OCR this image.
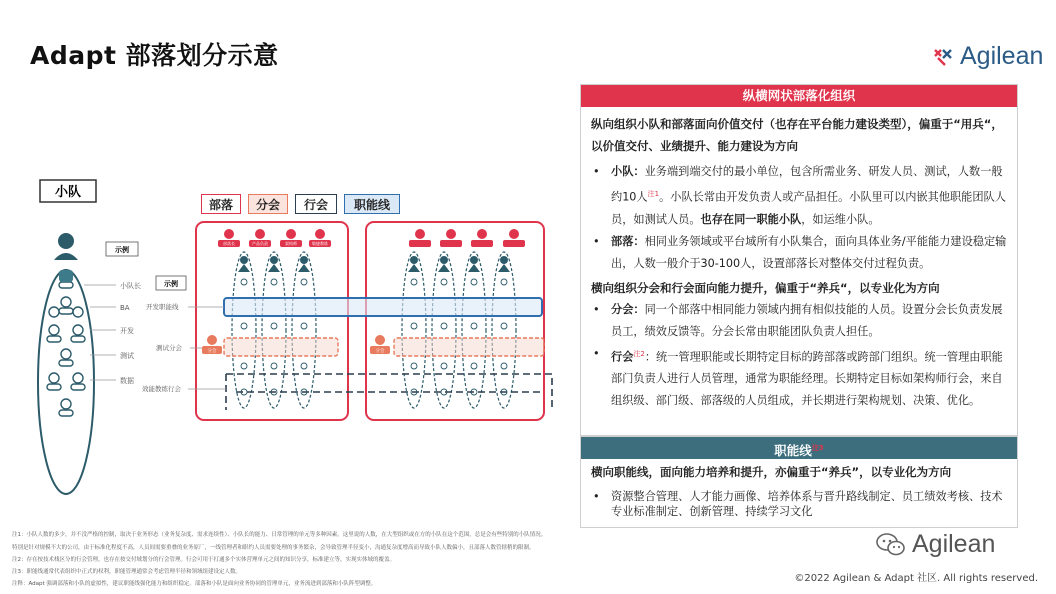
Adapt 部落划分示意	Agilean
小队
示例
示例
小队长
BA
开发
测试
数据
开发职能线
测试分会
效能教练行会
部落长	产品负责	架构师	敏捷教练
分会	分会
部落	分会	行会	职能线
纵横网状部落化组织
纵向组织小队和部落面向价值交付（也存在平台能力建设类型），偏重于“用兵“，以价值交付、业绩提升、能力建设为方向
• 小队：业务端到端交付的最小单位，包含所需业务、研发人员、测试，人数一般约10人$^{注1}$。小队长常由开发负责人或产品担任。小队里可以内嵌其他职能团队人员，如测试人员。也存在同一职能小队，如运维小队。
• 部落：相同业务领域或平台域所有小队集合，面向具体业务/平能能力建设稳定输出，人数一般介于30-100人，设置部落长对整体交付过程负责。
横向组织分会和行会面向能力提升，偏重于“养兵“，以专业化为方向
• 分会：同一个部落中相同能力领域内拥有相似技能的人员。设置分会长负责发展员工，绩效反馈等。分会长常由职能团队负责人担任。
• 行会$^{注2}$：统一管理职能或长期特定目标的跨部落或跨部门组织。统一管理由职能部门负责人进行人员管理，通常为职能经理。长期特定目标如架构师行会，来自组织级、部门级、部落级的人员组成，并长期进行架构规划、决策、优化。
职能线$^{注3}$
横向职能线，面向能力培养和提升，亦偏重于“养兵”，以专业化为方向
• 资源整合管理、人才能力画像、培养体系与晋升路线制定、员工绩效考核、技术专业标准制定、创新管理、持续学习文化
注1：小队人数的多少，并不没严格的控制，取决于业务形态（业务复杂度、需求连续性）、小队长的能力、日常管理的单元等多种因素。这里说的人数，在大型组织或在方的小队在这个范围，总是会有些特别的小队情况。
特别是针对规模不大的公司，由于标准化程度不高，人员间需要重叠的业务原厂，一线管理者和职约人员需要处理的事务繁杂，会导致管理半径变小，沟通复杂度增高而导致小队人数偏小，且部落人数管辖稍的限制。
注2：存在按技术栈区分的行会管理，也存在按交付域划分的行会管理。行会可用于打通多个实体营理单元之间的知识分享，标准建立等，实现实体域的覆盖。
注3：职能线通常代表组织中正式的权利，职能管理通常会考虑管理半径和领域组建设定人数。
注释：Adapt 强调部落和小队的虚拟性，建议职能线强化能力和组织稳定。部落和小队是面向业务协同的管理单元，业务流进到部落和小队阵型调整。
Agilean
©2022 Agilean & Adapt 社区. All rights reserved.
